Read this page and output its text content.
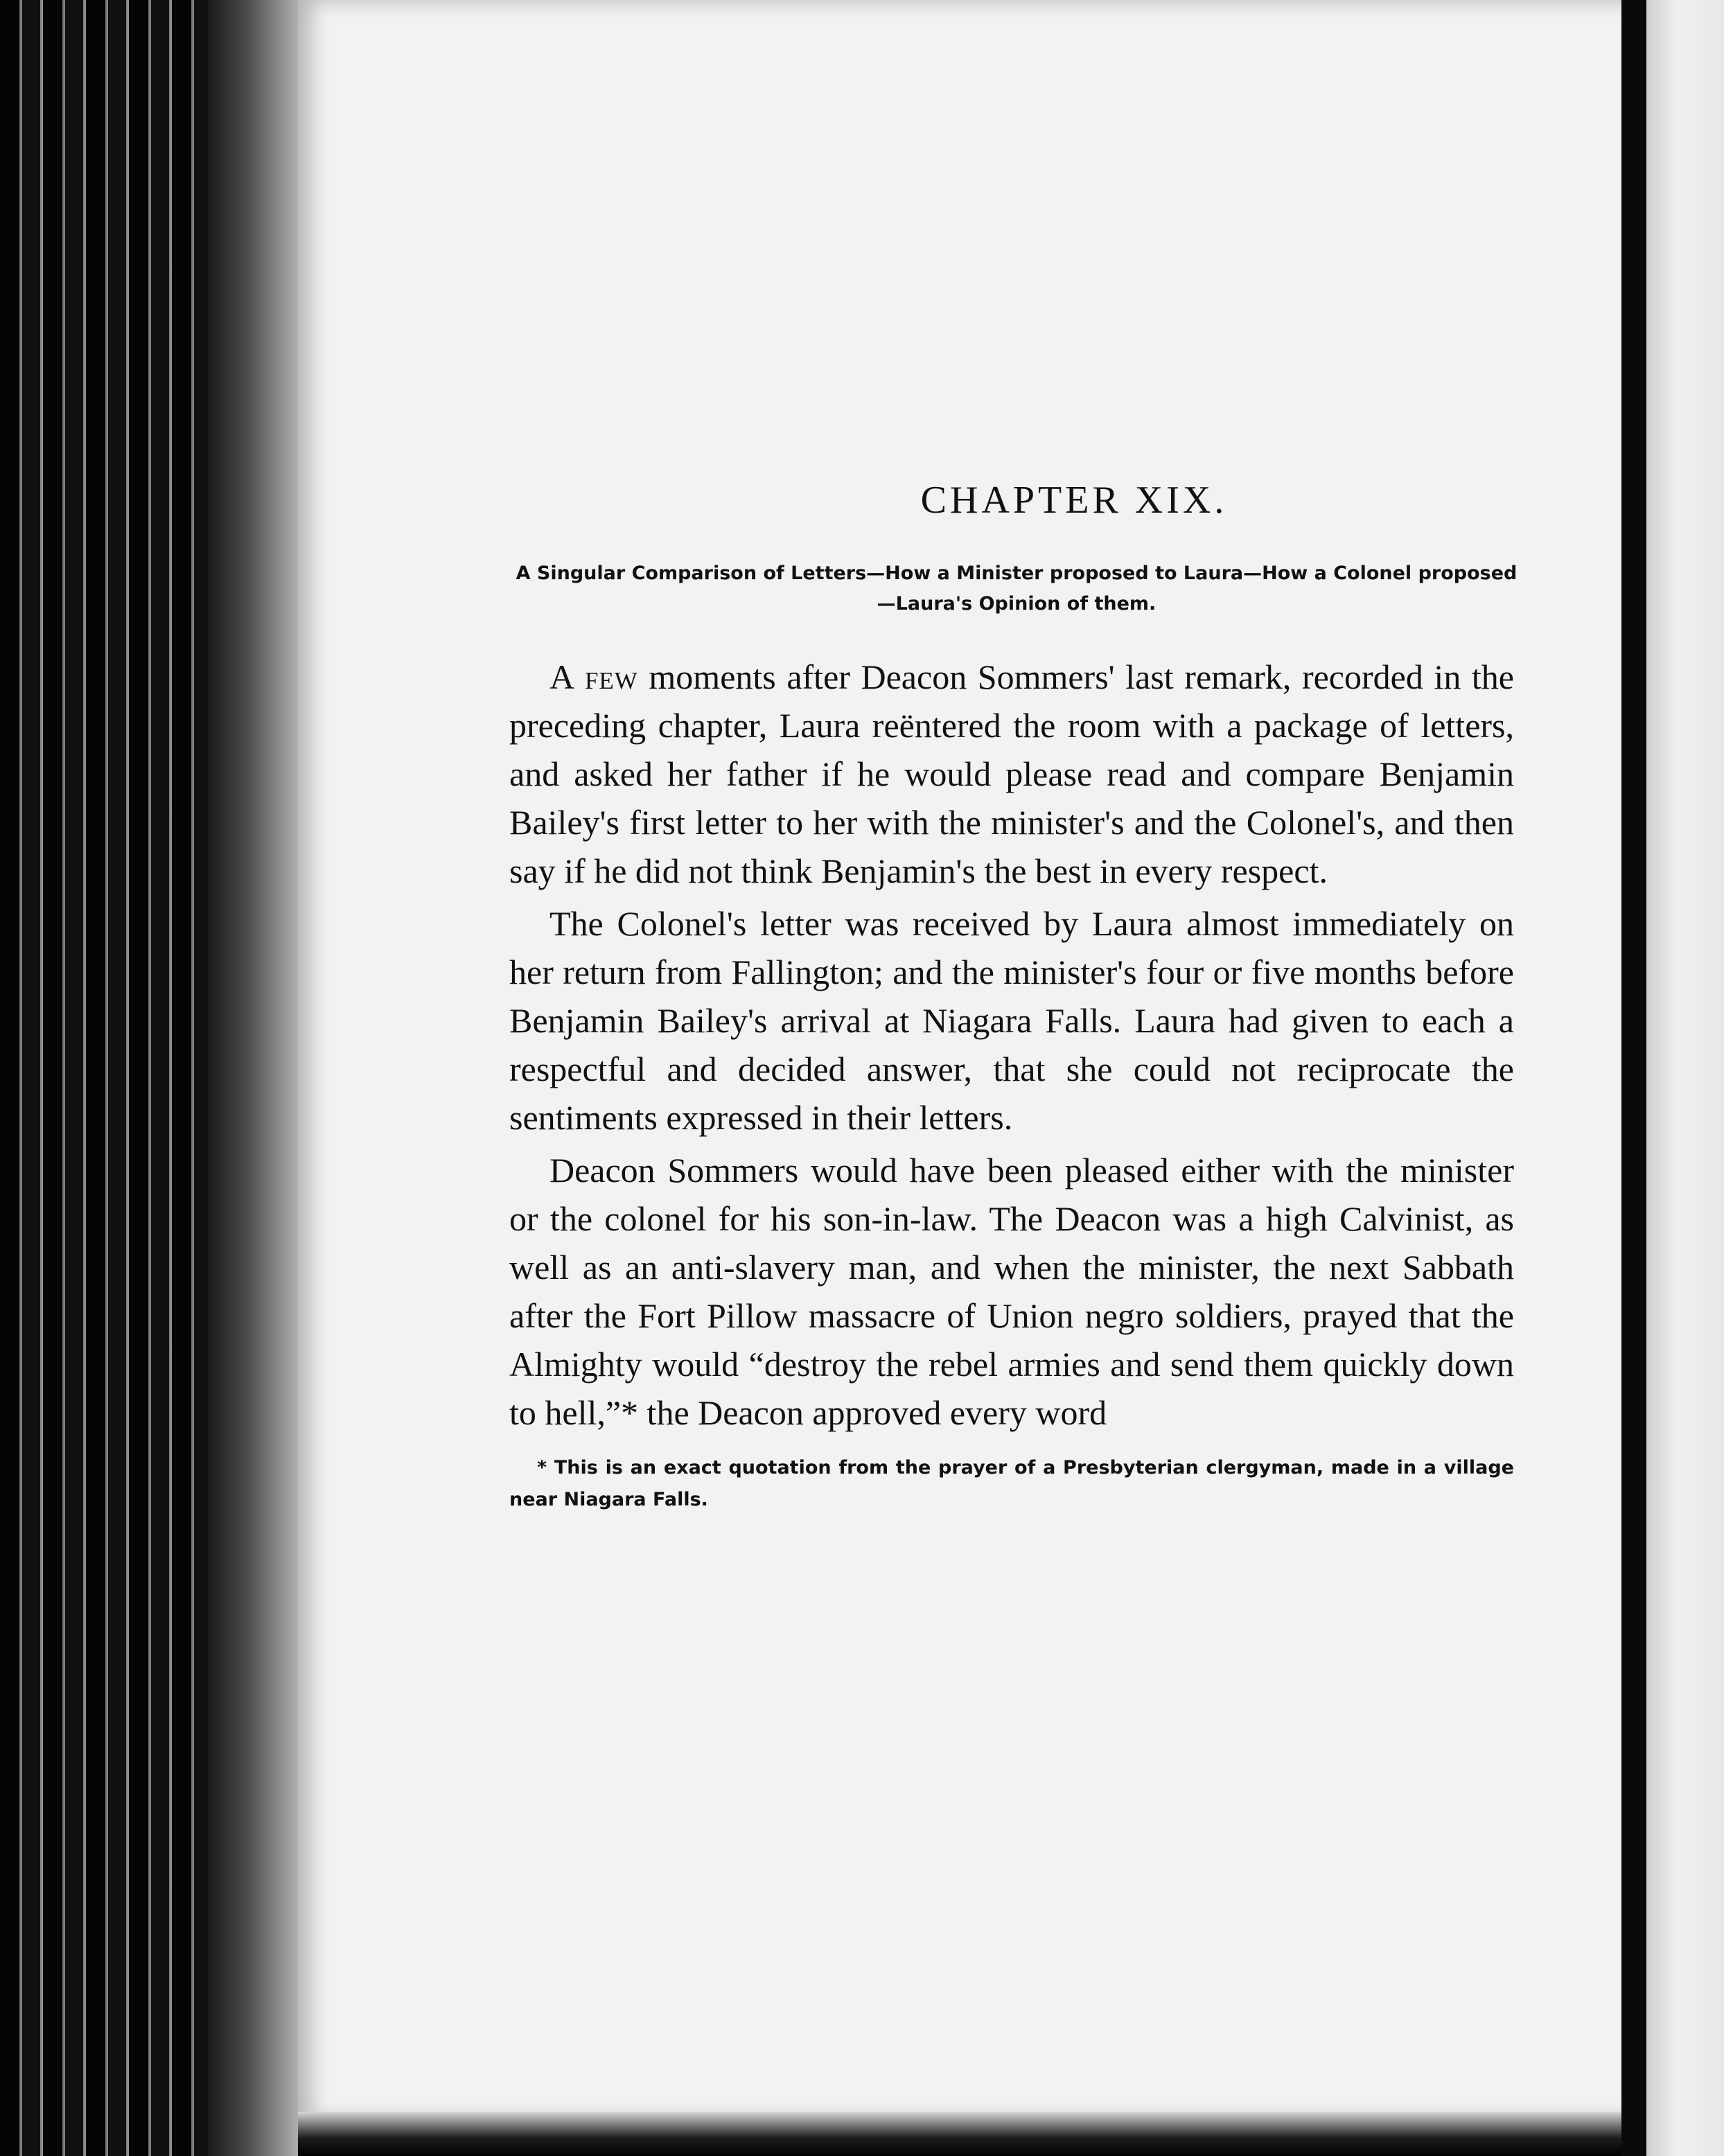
CHAPTER XIX.

A Singular Comparison of Letters—How a Minister proposed to Laura—How a Colonel proposed—Laura's Opinion of them.

A few moments after Deacon Sommers' last remark, recorded in the preceding chapter, Laura reëntered the room with a package of letters, and asked her father if he would please read and compare Benjamin Bailey's first letter to her with the minister's and the Colonel's, and then say if he did not think Benjamin's the best in every respect.

The Colonel's letter was received by Laura almost immediately on her return from Fallington; and the minister's four or five months before Benjamin Bailey's arrival at Niagara Falls. Laura had given to each a respectful and decided answer, that she could not reciprocate the sentiments expressed in their letters.

Deacon Sommers would have been pleased either with the minister or the colonel for his son-in-law. The Deacon was a high Calvinist, as well as an anti-slavery man, and when the minister, the next Sabbath after the Fort Pillow massacre of Union negro soldiers, prayed that the Almighty would “destroy the rebel armies and send them quickly down to hell,”* the Deacon approved every word

* This is an exact quotation from the prayer of a Presbyterian clergyman, made in a village near Niagara Falls.
